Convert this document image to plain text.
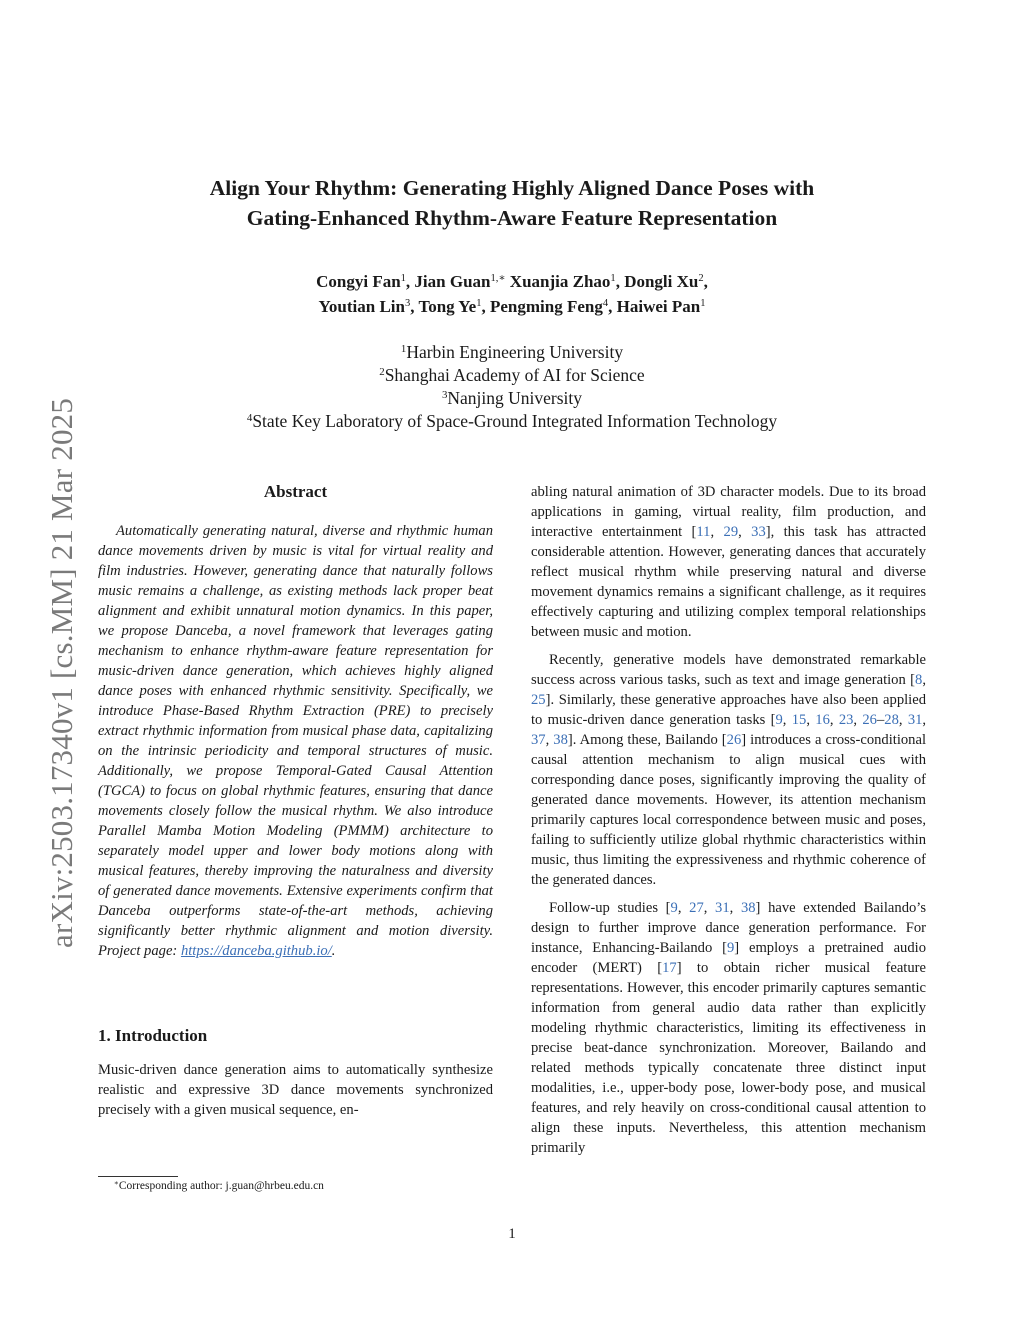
arXiv:2503.17340v1 [cs.MM] 21 Mar 2025
Align Your Rhythm: Generating Highly Aligned Dance Poses with
Gating-Enhanced Rhythm-Aware Feature Representation
Congyi Fan$^1$, Jian Guan$^{1,∗}$ Xuanjia Zhao$^1$, Dongli Xu$^2$,
Youtian Lin$^3$, Tong Ye$^1$, Pengming Feng$^4$, Haiwei Pan$^1$
$^1$Harbin Engineering University
$^2$Shanghai Academy of AI for Science
$^3$Nanjing University
$^4$State Key Laboratory of Space-Ground Integrated Information Technology
Abstract

Automatically generating natural, diverse and rhythmic human dance movements driven by music is vital for virtual reality and film industries. However, generating dance that naturally follows music remains a challenge, as existing methods lack proper beat alignment and exhibit unnatural motion dynamics. In this paper, we propose Danceba, a novel framework that leverages gating mechanism to enhance rhythm-aware feature representation for music-driven dance generation, which achieves highly aligned dance poses with enhanced rhythmic sensitivity. Specifically, we introduce Phase-Based Rhythm Extraction (PRE) to precisely extract rhythmic information from musical phase data, capitalizing on the intrinsic periodicity and temporal structures of music. Additionally, we propose Temporal-Gated Causal Attention (TGCA) to focus on global rhythmic features, ensuring that dance movements closely follow the musical rhythm. We also introduce Parallel Mamba Motion Modeling (PMMM) architecture to separately model upper and lower body motions along with musical features, thereby improving the naturalness and diversity of generated dance movements. Extensive experiments confirm that Danceba outperforms state-of-the-art methods, achieving significantly better rhythmic alignment and motion diversity. Project page: https://danceba.github.io/.

1. Introduction

Music-driven dance generation aims to automatically synthesize realistic and expressive 3D dance movements synchronized precisely with a given musical sequence, en-

abling natural animation of 3D character models. Due to its broad applications in gaming, virtual reality, film production, and interactive entertainment [11, 29, 33], this task has attracted considerable attention. However, generating dances that accurately reflect musical rhythm while preserving natural and diverse movement dynamics remains a significant challenge, as it requires effectively capturing and utilizing complex temporal relationships between music and motion.

Recently, generative models have demonstrated remarkable success across various tasks, such as text and image generation [8, 25]. Similarly, these generative approaches have also been applied to music-driven dance generation tasks [9, 15, 16, 23, 26–28, 31, 37, 38]. Among these, Bailando [26] introduces a cross-conditional causal attention mechanism to align musical cues with corresponding dance poses, significantly improving the quality of generated dance movements. However, its attention mechanism primarily captures local correspondence between music and poses, failing to sufficiently utilize global rhythmic characteristics within music, thus limiting the expressiveness and rhythmic coherence of the generated dances.

Follow-up studies [9, 27, 31, 38] have extended Bailando’s design to further improve dance generation performance. For instance, Enhancing-Bailando [9] employs a pretrained audio encoder (MERT) [17] to obtain richer musical feature representations. However, this encoder primarily captures semantic information from general audio data rather than explicitly modeling rhythmic characteristics, limiting its effectiveness in precise beat-dance synchronization. Moreover, Bailando and related methods typically concatenate three distinct input modalities, i.e., upper-body pose, lower-body pose, and musical features, and rely heavily on cross-conditional causal attention to align these inputs. Nevertheless, this attention mechanism primarily

∗Corresponding author: j.guan@hrbeu.edu.cn
1
